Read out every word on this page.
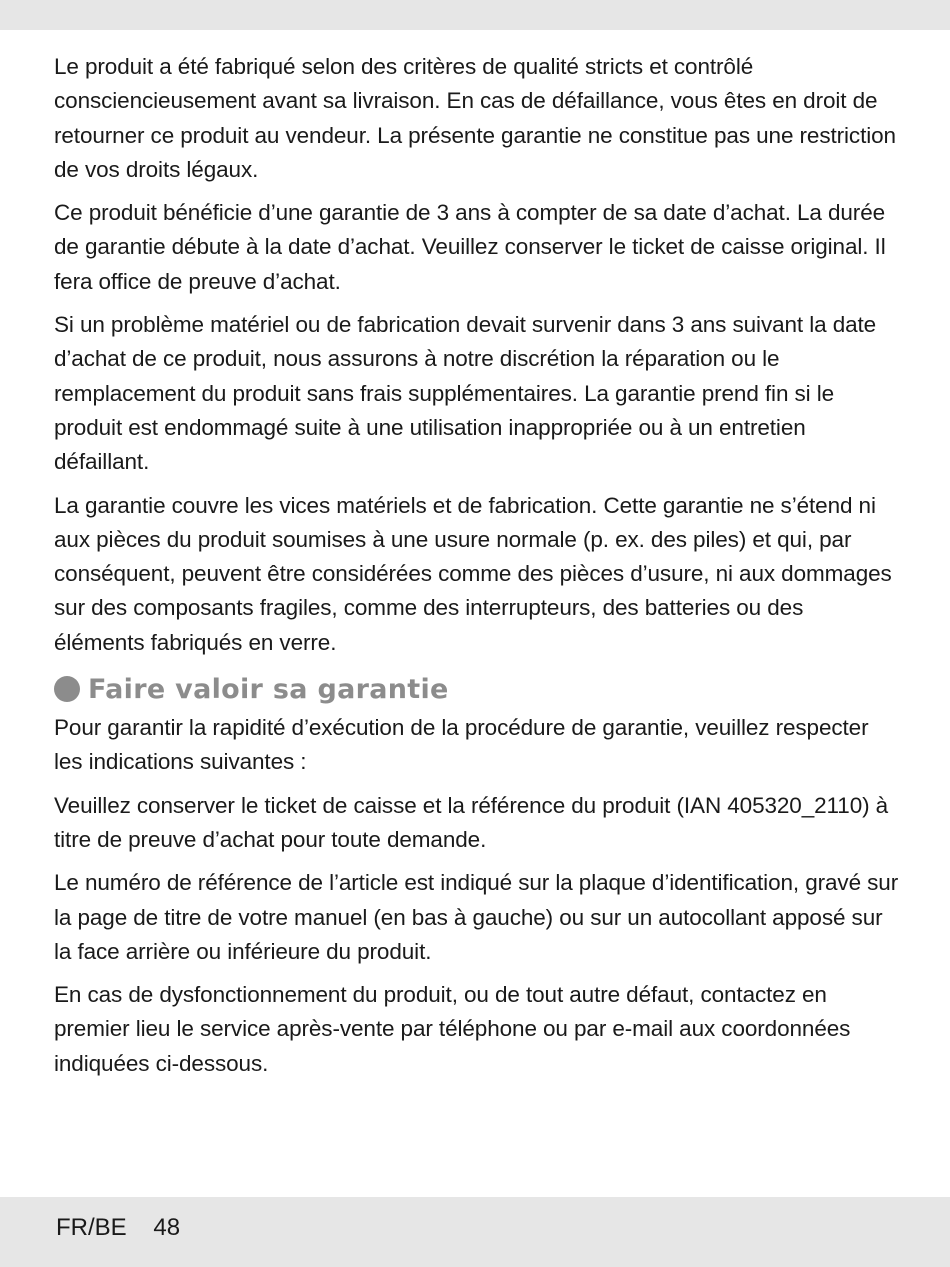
Le produit a été fabriqué selon des critères de qualité stricts et contrôlé consciencieusement avant sa livraison. En cas de défaillance, vous êtes en droit de retourner ce produit au vendeur. La présente garantie ne constitue pas une restriction de vos droits légaux.

Ce produit bénéficie d’une garantie de 3 ans à compter de sa date d’achat. La durée de garantie débute à la date d’achat. Veuillez conserver le ticket de caisse original. Il fera office de preuve d’achat.

Si un problème matériel ou de fabrication devait survenir dans 3 ans suivant la date d’achat de ce produit, nous assurons à notre discrétion la réparation ou le remplacement du produit sans frais supplémentaires. La garantie prend fin si le produit est endommagé suite à une utilisation inappropriée ou à un entretien défaillant.

La garantie couvre les vices matériels et de fabrication. Cette garantie ne s’étend ni aux pièces du produit soumises à une usure normale (p. ex. des piles) et qui, par conséquent, peuvent être considérées comme des pièces d’usure, ni aux dommages sur des composants fragiles, comme des interrupteurs, des batteries ou des éléments fabriqués en verre.

Faire valoir sa garantie

Pour garantir la rapidité d’exécution de la procédure de garantie, veuillez respecter les indications suivantes :

Veuillez conserver le ticket de caisse et la référence du produit (IAN 405320_2110) à titre de preuve d’achat pour toute demande.

Le numéro de référence de l’article est indiqué sur la plaque d’identification, gravé sur la page de titre de votre manuel (en bas à gauche) ou sur un autocollant apposé sur la face arrière ou inférieure du produit.

En cas de dysfonctionnement du produit, ou de tout autre défaut, contactez en premier lieu le service après-vente par téléphone ou par e-mail aux coordonnées indiquées ci-dessous.

FR/BE 48
